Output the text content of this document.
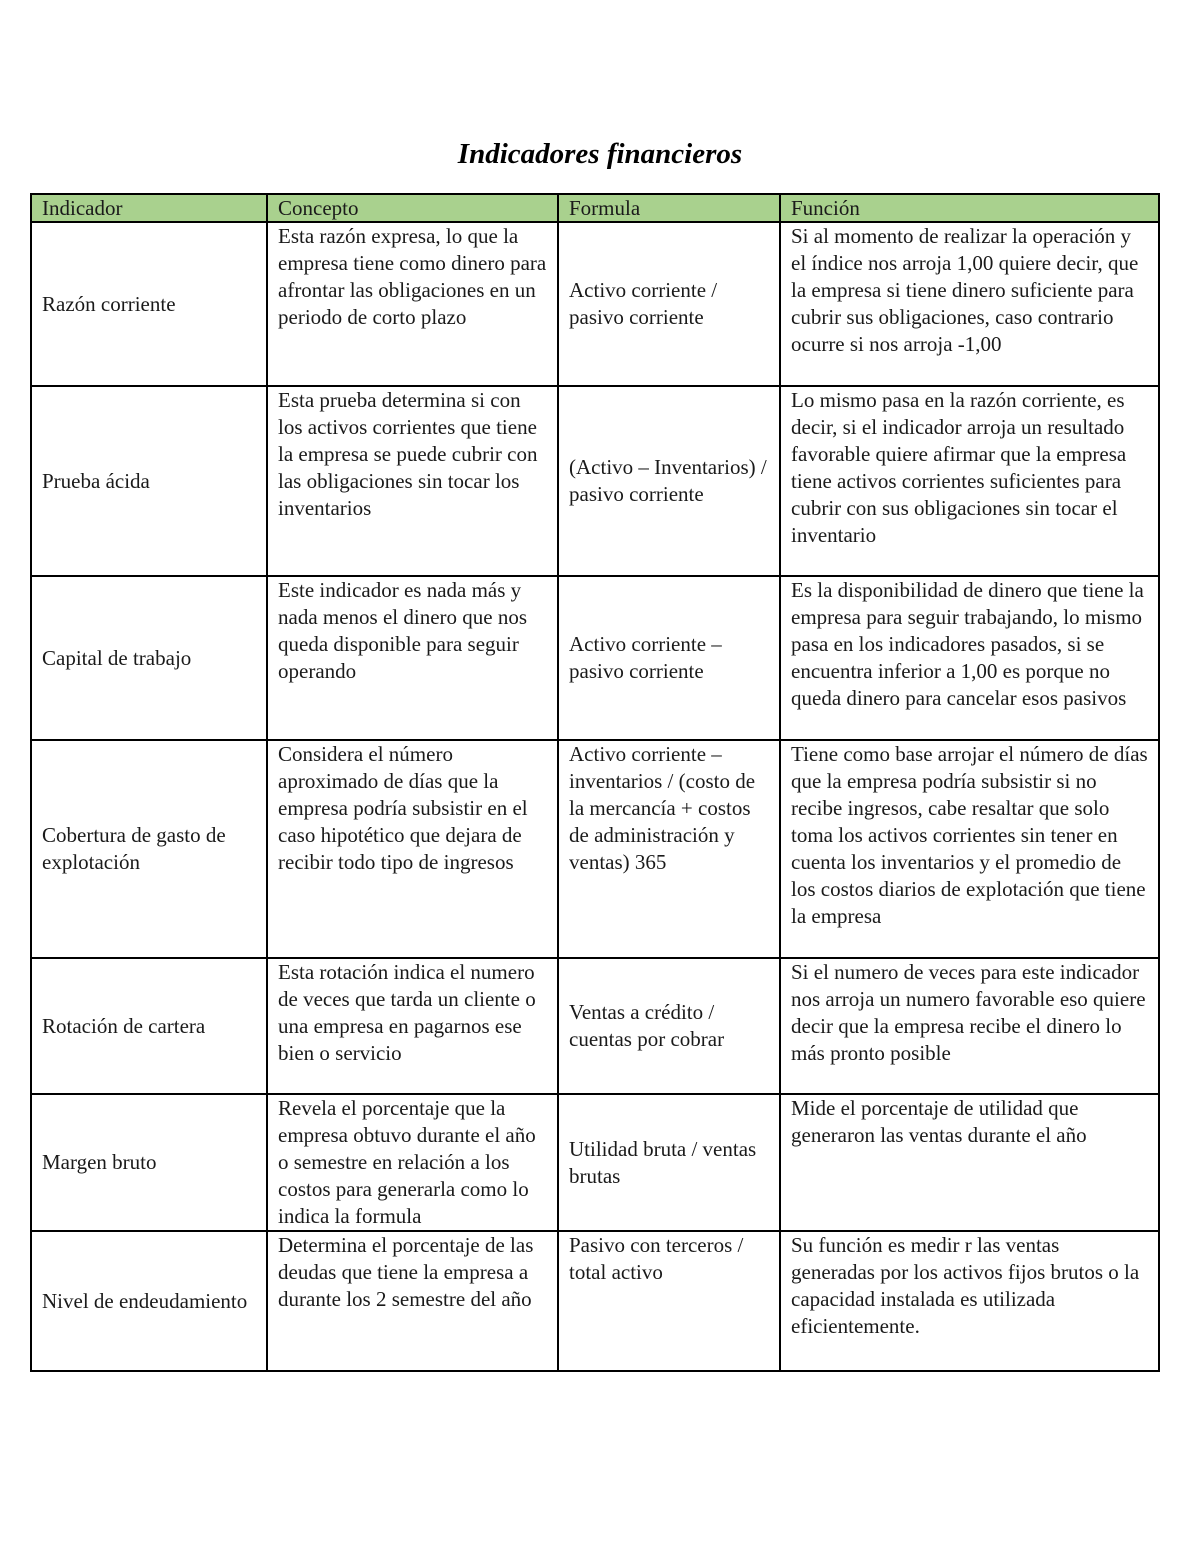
Indicadores financieros
Indicador	Concepto	Formula	Función
Razón corriente	Esta razón expresa, lo que la empresa tiene como dinero para afrontar las obligaciones en un periodo de corto plazo	Activo corriente / pasivo corriente	Si al momento de realizar la operación y el índice nos arroja 1,00 quiere decir, que la empresa si tiene dinero suficiente para cubrir sus obligaciones, caso contrario ocurre si nos arroja -1,00
Prueba ácida	Esta prueba determina si con los activos corrientes que tiene la empresa se puede cubrir con las obligaciones sin tocar los inventarios	(Activo – Inventarios) / pasivo corriente	Lo mismo pasa en la razón corriente, es decir, si el indicador arroja un resultado favorable quiere afirmar que la empresa tiene activos corrientes suficientes para cubrir con sus obligaciones sin tocar el inventario
Capital de trabajo	Este indicador es nada más y nada menos el dinero que nos queda disponible para seguir operando	Activo corriente – pasivo corriente	Es la disponibilidad de dinero que tiene la empresa para seguir trabajando, lo mismo pasa en los indicadores pasados, si se encuentra inferior a 1,00 es porque no queda dinero para cancelar esos pasivos
Cobertura de gasto de explotación	Considera el número aproximado de días que la empresa podría subsistir en el caso hipotético que dejara de recibir todo tipo de ingresos	Activo corriente – inventarios / (costo de la mercancía + costos de administración y ventas) 365	Tiene como base arrojar el número de días que la empresa podría subsistir si no recibe ingresos, cabe resaltar que solo toma los activos corrientes sin tener en cuenta los inventarios y el promedio de los costos diarios de explotación que tiene la empresa
Rotación de cartera	Esta rotación indica el numero de veces que tarda un cliente o una empresa en pagarnos ese bien o servicio	Ventas a crédito / cuentas por cobrar	Si el numero de veces para este indicador nos arroja un numero favorable eso quiere decir que la empresa recibe el dinero lo más pronto posible
Margen bruto	Revela el porcentaje que la empresa obtuvo durante el año o semestre en relación a los costos para generarla como lo indica la formula	Utilidad bruta / ventas brutas	Mide el porcentaje de utilidad que generaron las ventas durante el año
Nivel de endeudamiento	Determina el porcentaje de las deudas que tiene la empresa a durante los 2 semestre del año	Pasivo con terceros / total activo	Su función es medir r las ventas generadas por los activos fijos brutos o la capacidad instalada es utilizada eficientemente.
